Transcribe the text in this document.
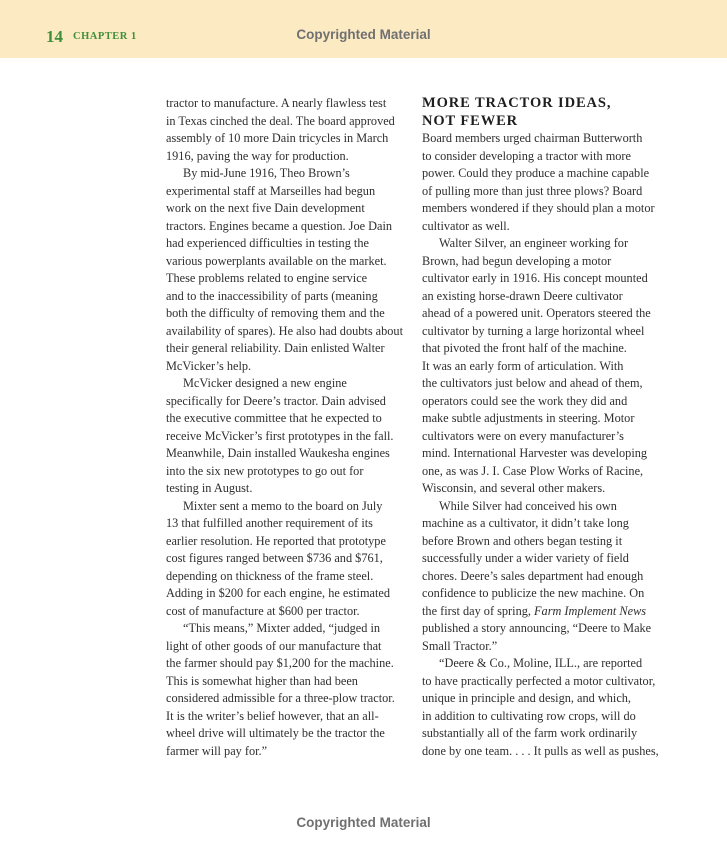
14 CHAPTER 1	Copyrighted Material
tractor to manufacture. A nearly flawless test
in Texas cinched the deal. The board approved
assembly of 10 more Dain tricycles in March
1916, paving the way for production.
By mid-June 1916, Theo Brown’s
experimental staff at Marseilles had begun
work on the next five Dain development
tractors. Engines became a question. Joe Dain
had experienced difficulties in testing the
various powerplants available on the market.
These problems related to engine service
and to the inaccessibility of parts (meaning
both the difficulty of removing them and the
availability of spares). He also had doubts about
their general reliability. Dain enlisted Walter
McVicker’s help.
McVicker designed a new engine
specifically for Deere’s tractor. Dain advised
the executive committee that he expected to
receive McVicker’s first prototypes in the fall.
Meanwhile, Dain installed Waukesha engines
into the six new prototypes to go out for
testing in August.
Mixter sent a memo to the board on July
13 that fulfilled another requirement of its
earlier resolution. He reported that prototype
cost figures ranged between $736 and $761,
depending on thickness of the frame steel.
Adding in $200 for each engine, he estimated
cost of manufacture at $600 per tractor.
“This means,” Mixter added, “judged in
light of other goods of our manufacture that
the farmer should pay $1,200 for the machine.
This is somewhat higher than had been
considered admissible for a three-plow tractor.
It is the writer’s belief however, that an all-
wheel drive will ultimately be the tractor the
farmer will pay for.”
MORE TRACTOR IDEAS,
NOT FEWER
Board members urged chairman Butterworth
to consider developing a tractor with more
power. Could they produce a machine capable
of pulling more than just three plows? Board
members wondered if they should plan a motor
cultivator as well.
Walter Silver, an engineer working for
Brown, had begun developing a motor
cultivator early in 1916. His concept mounted
an existing horse-drawn Deere cultivator
ahead of a powered unit. Operators steered the
cultivator by turning a large horizontal wheel
that pivoted the front half of the machine.
It was an early form of articulation. With
the cultivators just below and ahead of them,
operators could see the work they did and
make subtle adjustments in steering. Motor
cultivators were on every manufacturer’s
mind. International Harvester was developing
one, as was J. I. Case Plow Works of Racine,
Wisconsin, and several other makers.
While Silver had conceived his own
machine as a cultivator, it didn’t take long
before Brown and others began testing it
successfully under a wider variety of field
chores. Deere’s sales department had enough
confidence to publicize the new machine. On
the first day of spring, Farm Implement News
published a story announcing, “Deere to Make
Small Tractor.”
“Deere & Co., Moline, ILL., are reported
to have practically perfected a motor cultivator,
unique in principle and design, and which,
in addition to cultivating row crops, will do
substantially all of the farm work ordinarily
done by one team. . . . It pulls as well as pushes,
Copyrighted Material
